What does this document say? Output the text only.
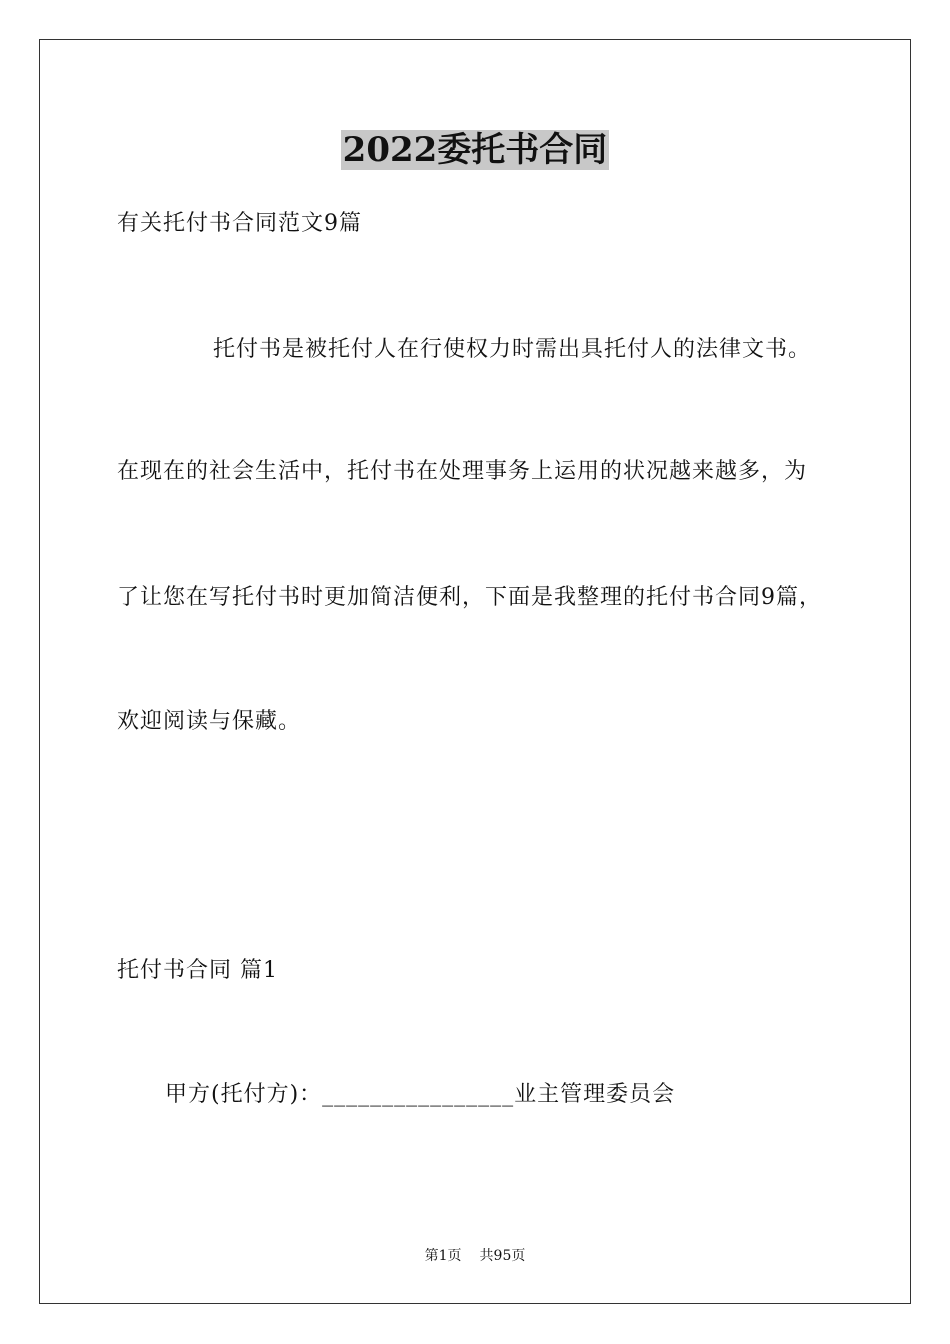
2022委托书合同
有关托付书合同范文9篇
托付书是被托付人在行使权力时需出具托付人的法律文书。
在现在的社会生活中，托付书在处理事务上运用的状况越来越多，为
了让您在写托付书时更加简洁便利，下面是我整理的托付书合同9篇，
欢迎阅读与保藏。
托付书合同 篇1
甲方(托付方)：________________业主管理委员会
第1页 共95页
